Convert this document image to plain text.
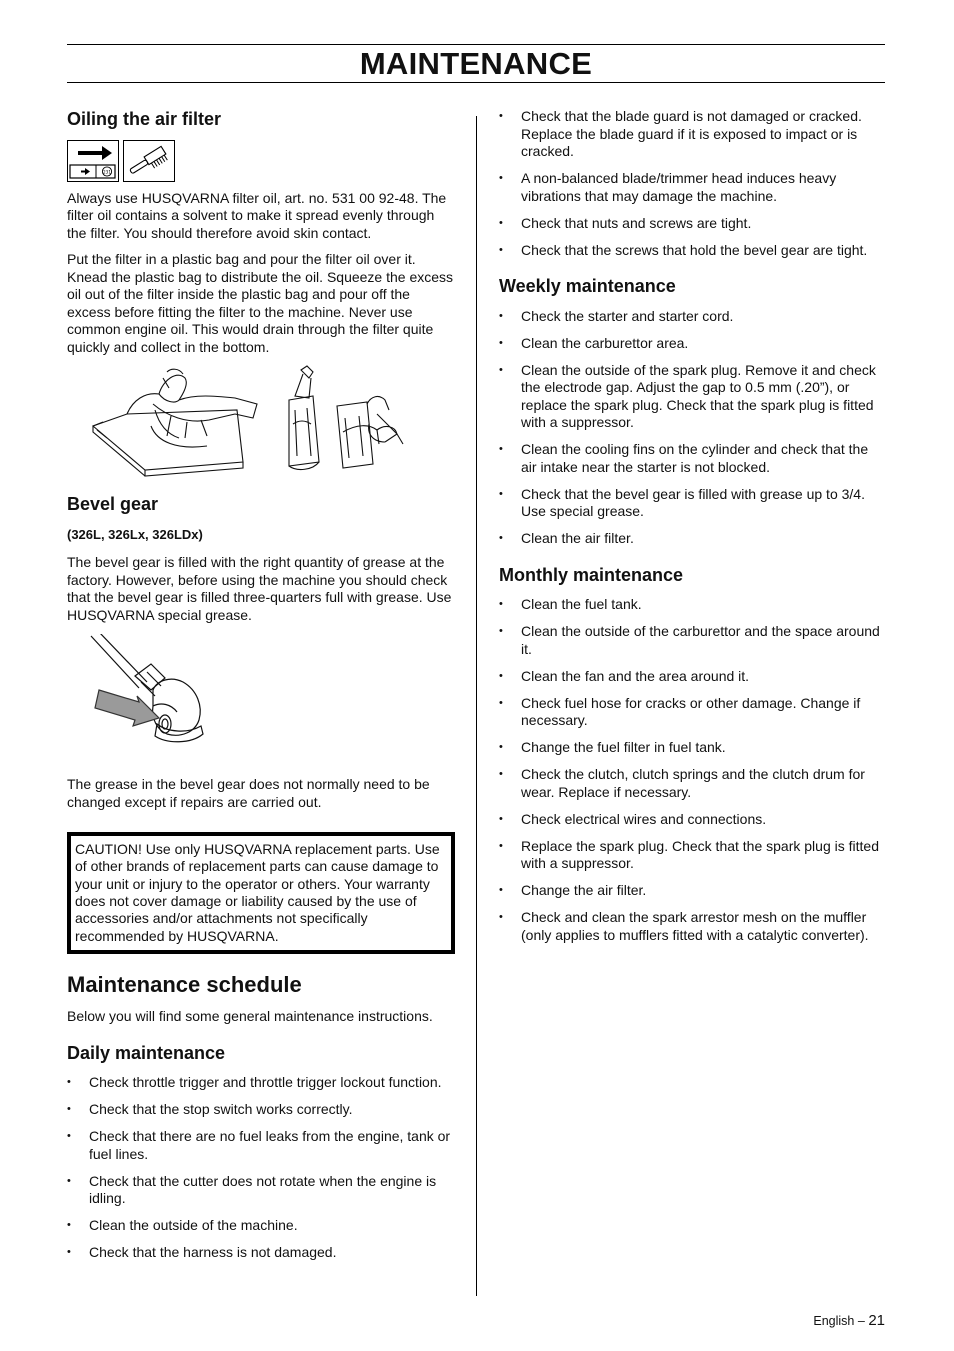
MAINTENANCE
Oiling the air filter
231

Always use HUSQVARNA filter oil, art. no. 531 00 92-48. The filter oil contains a solvent to make it spread evenly through the filter. You should therefore avoid skin contact.

Put the filter in a plastic bag and pour the filter oil over it. Knead the plastic bag to distribute the oil. Squeeze the excess oil out of the filter inside the plastic bag and pour off the excess before fitting the filter to the machine. Never use common engine oil. This would drain through the filter quite quickly and collect in the bottom.

Bevel gear

(326L, 326Lx, 326LDx)

The bevel gear is filled with the right quantity of grease at the factory. However, before using the machine you should check that the bevel gear is filled three-quarters full with grease. Use HUSQVARNA special grease.

The grease in the bevel gear does not normally need to be changed except if repairs are carried out.

CAUTION! Use only HUSQVARNA replacement parts. Use of other brands of replacement parts can cause damage to your unit or injury to the operator or others. Your warranty does not cover damage or liability caused by the use of accessories and/or attachments not specifically recommended by HUSQVARNA.

Maintenance schedule

Below you will find some general maintenance instructions.

Daily maintenance
• Check throttle trigger and throttle trigger lockout function.
• Check that the stop switch works correctly.
• Check that there are no fuel leaks from the engine, tank or fuel lines.
• Check that the cutter does not rotate when the engine is idling.
• Clean the outside of the machine.
• Check that the harness is not damaged.
• Check that the blade guard is not damaged or cracked. Replace the blade guard if it is exposed to impact or is cracked.
• A non-balanced blade/trimmer head induces heavy vibrations that may damage the machine.
• Check that nuts and screws are tight.
• Check that the screws that hold the bevel gear are tight.
Weekly maintenance
• Check the starter and starter cord.
• Clean the carburettor area.
• Clean the outside of the spark plug. Remove it and check the electrode gap. Adjust the gap to 0.5 mm (.20”), or replace the spark plug. Check that the spark plug is fitted with a suppressor.
• Clean the cooling fins on the cylinder and check that the air intake near the starter is not blocked.
• Check that the bevel gear is filled with grease up to 3/4. Use special grease.
• Clean the air filter.
Monthly maintenance
• Clean the fuel tank.
• Clean the outside of the carburettor and the space around it.
• Clean the fan and the area around it.
• Check fuel hose for cracks or other damage. Change if necessary.
• Change the fuel filter in fuel tank.
• Check the clutch, clutch springs and the clutch drum for wear. Replace if necessary.
• Check electrical wires and connections.
• Replace the spark plug. Check that the spark plug is fitted with a suppressor.
• Change the air filter.
• Check and clean the spark arrestor mesh on the muffler (only applies to mufflers fitted with a catalytic converter).
English – 21
